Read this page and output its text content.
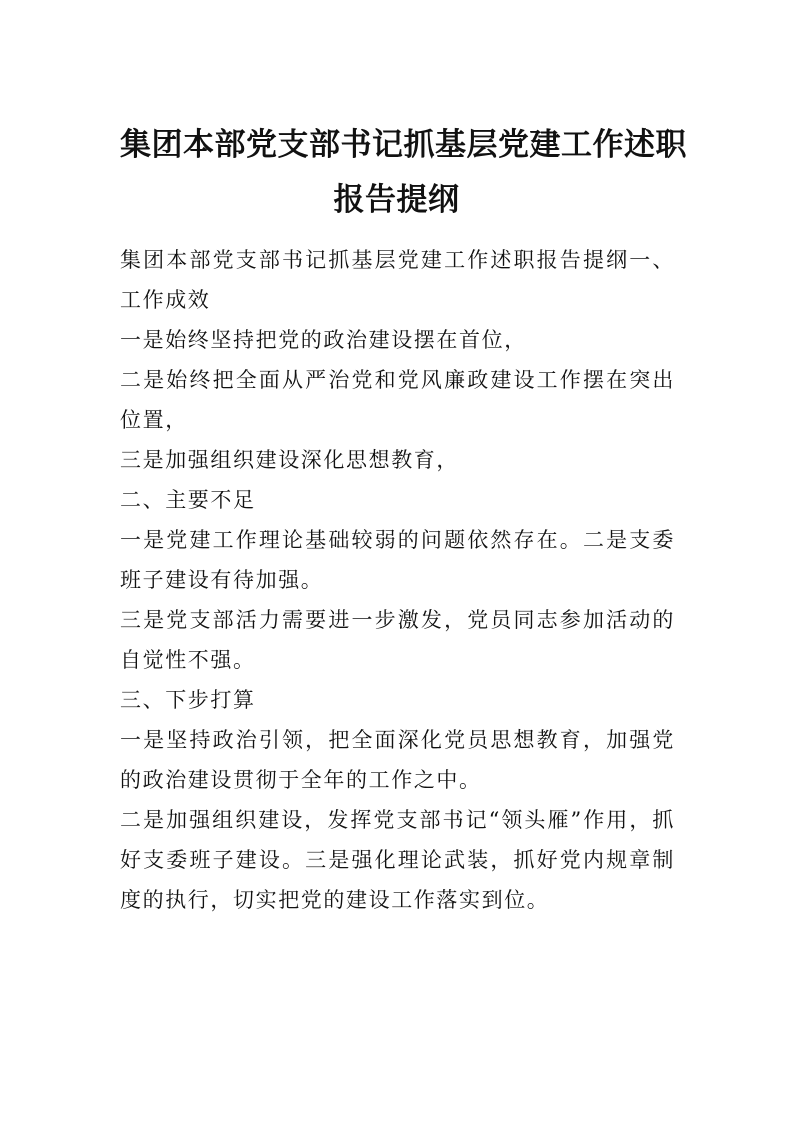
集团本部党支部书记抓基层党建工作述职
报告提纲

集团本部党支部书记抓基层党建工作述职报告提纲一、工作成效

一是始终坚持把党的政治建设摆在首位，

二是始终把全面从严治党和党风廉政建设工作摆在突出位置，

三是加强组织建设深化思想教育，

二、主要不足

一是党建工作理论基础较弱的问题依然存在。二是支委班子建设有待加强。

三是党支部活力需要进一步激发，党员同志参加活动的自觉性不强。

三、下步打算

一是坚持政治引领，把全面深化党员思想教育，加强党的政治建设贯彻于全年的工作之中。

二是加强组织建设，发挥党支部书记“领头雁”作用，抓好支委班子建设。三是强化理论武装，抓好党内规章制度的执行，切实把党的建设工作落实到位。
